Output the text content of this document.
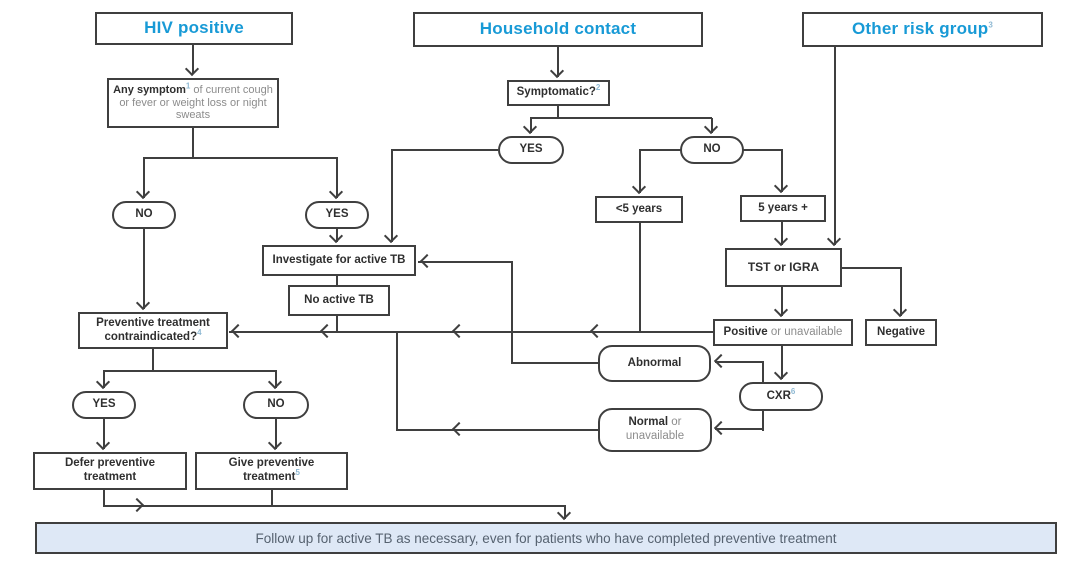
HIV positive	Household contact	Other risk group$^3$
Any symptom$^1$ of current cough or fever or weight loss or night sweats
NO	YES
Symptomatic?$^2$
YES	NO
<5 years	5 years +
TST or IGRA
Investigate for active TB
No active TB
Positive or unavailable	Negative
Abnormal
CXR$^6$
Normal or
unavailable
Preventive treatment
contraindicated?$^4$
YES	NO
Defer preventive
treatment
Give preventive
treatment$^5$
Follow up for active TB as necessary, even for patients who have completed preventive treatment
